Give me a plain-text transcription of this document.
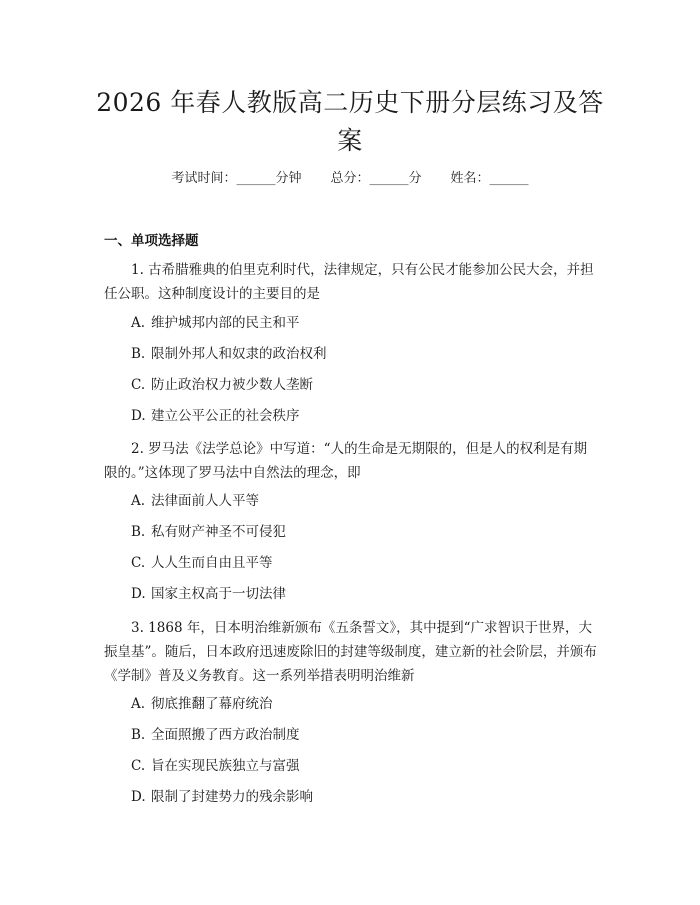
2026 年春人教版高二历史下册分层练习及答案
考试时间：______分钟 总分：______分 姓名：______
一、单项选择题
1. 古希腊雅典的伯里克利时代，法律规定，只有公民才能参加公民大会，并担任公职。这种制度设计的主要目的是
A. 维护城邦内部的民主和平
B. 限制外邦人和奴隶的政治权利
C. 防止政治权力被少数人垄断
D. 建立公平公正的社会秩序
2. 罗马法《法学总论》中写道：“人的生命是无期限的，但是人的权利是有期限的。”这体现了罗马法中自然法的理念，即
A. 法律面前人人平等
B. 私有财产神圣不可侵犯
C. 人人生而自由且平等
D. 国家主权高于一切法律
3. 1868 年，日本明治维新颁布《五条誓文》，其中提到“广求智识于世界，大振皇基”。随后，日本政府迅速废除旧的封建等级制度，建立新的社会阶层，并颁布《学制》普及义务教育。这一系列举措表明明治维新
A. 彻底推翻了幕府统治
B. 全面照搬了西方政治制度
C. 旨在实现民族独立与富强
D. 限制了封建势力的残余影响
